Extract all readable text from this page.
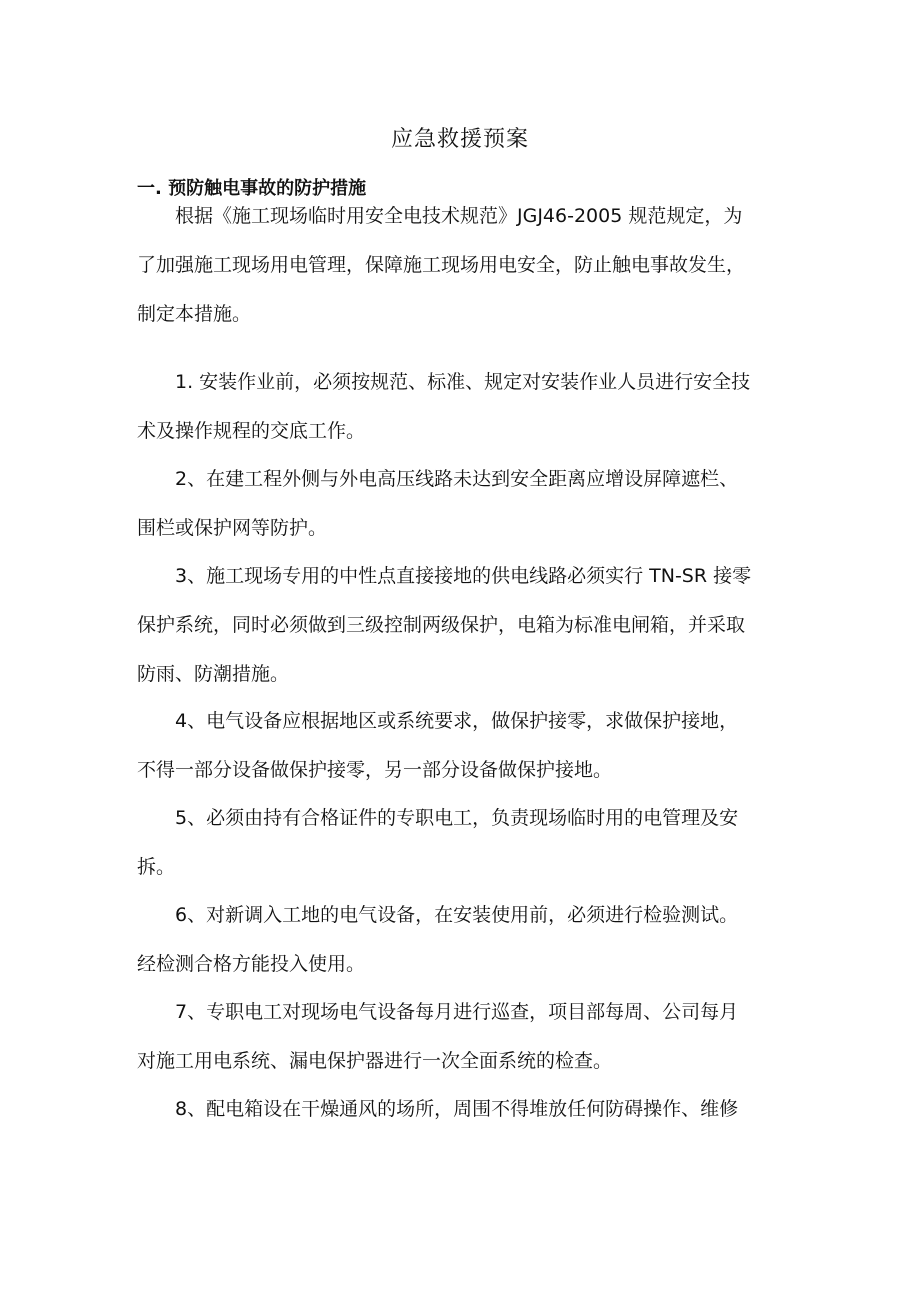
应急救援预案
一. 预防触电事故的防护措施
根据《施工现场临时用安全电技术规范》JGJ46-2005 规范规定，为
了加强施工现场用电管理，保障施工现场用电安全，防止触电事故发生，
制定本措施。
1. 安装作业前，必须按规范、标准、规定对安装作业人员进行安全技
术及操作规程的交底工作。
2、在建工程外侧与外电高压线路未达到安全距离应增设屏障遮栏、
围栏或保护网等防护。
3、施工现场专用的中性点直接接地的供电线路必须实行 TN-SR 接零
保护系统，同时必须做到三级控制两级保护，电箱为标准电闸箱，并采取
防雨、防潮措施。
4、电气设备应根据地区或系统要求，做保护接零，求做保护接地，
不得一部分设备做保护接零，另一部分设备做保护接地。
5、必须由持有合格证件的专职电工，负责现场临时用的电管理及安
拆。
6、对新调入工地的电气设备，在安装使用前，必须进行检验测试。
经检测合格方能投入使用。
7、专职电工对现场电气设备每月进行巡查，项目部每周、公司每月
对施工用电系统、漏电保护器进行一次全面系统的检查。
8、配电箱设在干燥通风的场所，周围不得堆放任何防碍操作、维修
